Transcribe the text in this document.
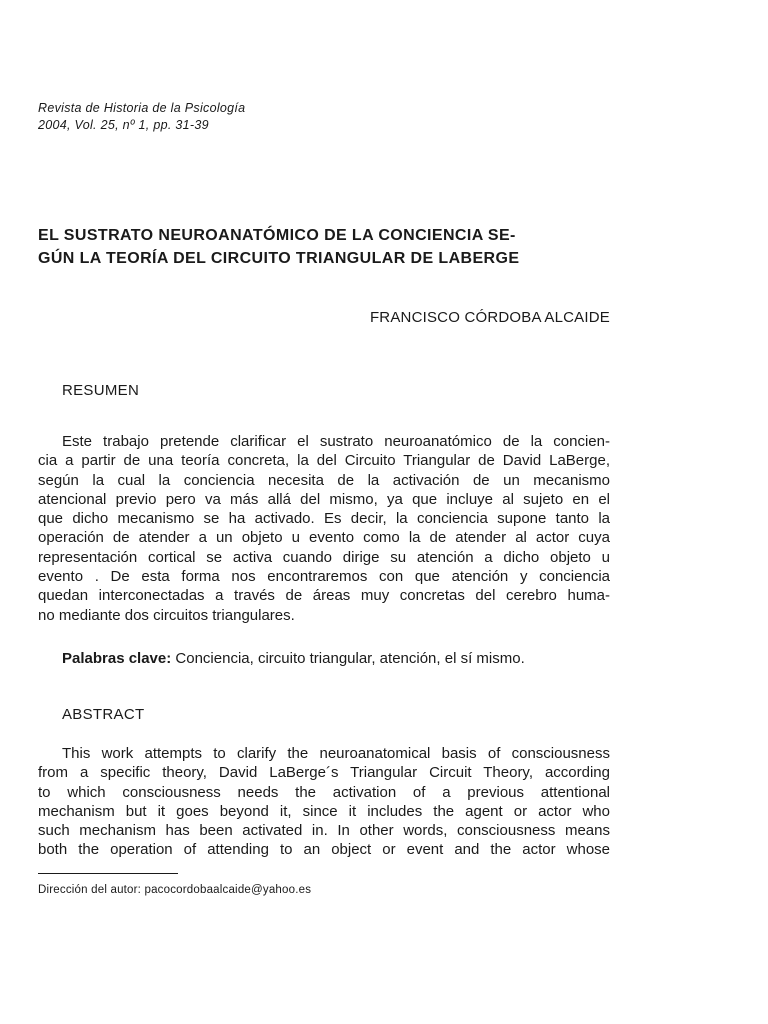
Revista de Historia de la Psicología
2004, Vol. 25, nº 1, pp. 31-39
EL SUSTRATO NEUROANATÓMICO DE LA CONCIENCIA SE-
GÚN LA TEORÍA DEL CIRCUITO TRIANGULAR DE LABERGE
FRANCISCO CÓRDOBA ALCAIDE
RESUMEN
Este trabajo pretende clarificar el sustrato neuroanatómico de la concien-
cia a partir de una teoría concreta, la del Circuito Triangular de David LaBerge,
según la cual la conciencia necesita de la activación de un mecanismo
atencional previo pero va más allá del mismo, ya que incluye al sujeto en el
que dicho mecanismo se ha activado. Es decir, la conciencia supone tanto la
operación de atender a un objeto u evento como la de atender al actor cuya
representación cortical se activa cuando dirige su atención a dicho objeto u
evento . De esta forma nos encontraremos con que atención y conciencia
quedan interconectadas a través de áreas muy concretas del cerebro huma-
no mediante dos circuitos triangulares.
Palabras clave: Conciencia, circuito triangular, atención, el sí mismo.
ABSTRACT
This work attempts to clarify the neuroanatomical basis of consciousness
from a specific theory, David LaBerge´s Triangular Circuit Theory, according
to which consciousness needs the activation of a previous attentional
mechanism but it goes beyond it, since it includes the agent or actor who
such mechanism has been activated in. In other words, consciousness means
both the operation of attending to an object or event and the actor whose
Dirección del autor: pacocordobaalcaide@yahoo.es
